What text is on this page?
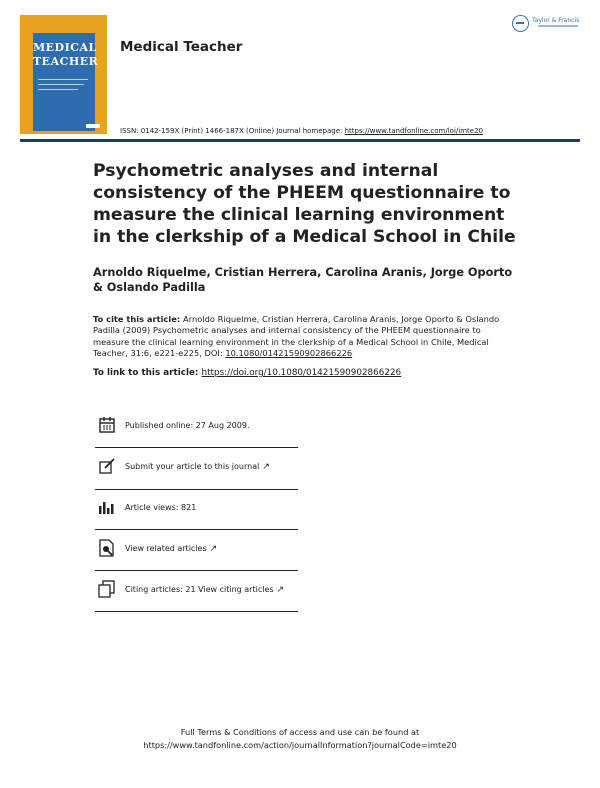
MEDICAL
TEACHER
Medical Teacher
Taylor & Francis
ISSN: 0142-159X (Print) 1466-187X (Online) Journal homepage: https://www.tandfonline.com/loi/imte20
Psychometric analyses and internal consistency of the PHEEM questionnaire to measure the clinical learning environment in the clerkship of a Medical School in Chile
Arnoldo Riquelme, Cristian Herrera, Carolina Aranis, Jorge Oporto & Oslando Padilla
To cite this article: Arnoldo Riquelme, Cristian Herrera, Carolina Aranis, Jorge Oporto & Oslando Padilla (2009) Psychometric analyses and internal consistency of the PHEEM questionnaire to measure the clinical learning environment in the clerkship of a Medical School in Chile, Medical Teacher, 31:6, e221-e225, DOI: 10.1080/01421590902866226
To link to this article: https://doi.org/10.1080/01421590902866226
Published online: 27 Aug 2009.
Submit your article to this journal ↗
Article views: 821
View related articles ↗
Citing articles: 21 View citing articles ↗
Full Terms & Conditions of access and use can be found at
https://www.tandfonline.com/action/journalInformation?journalCode=imte20
